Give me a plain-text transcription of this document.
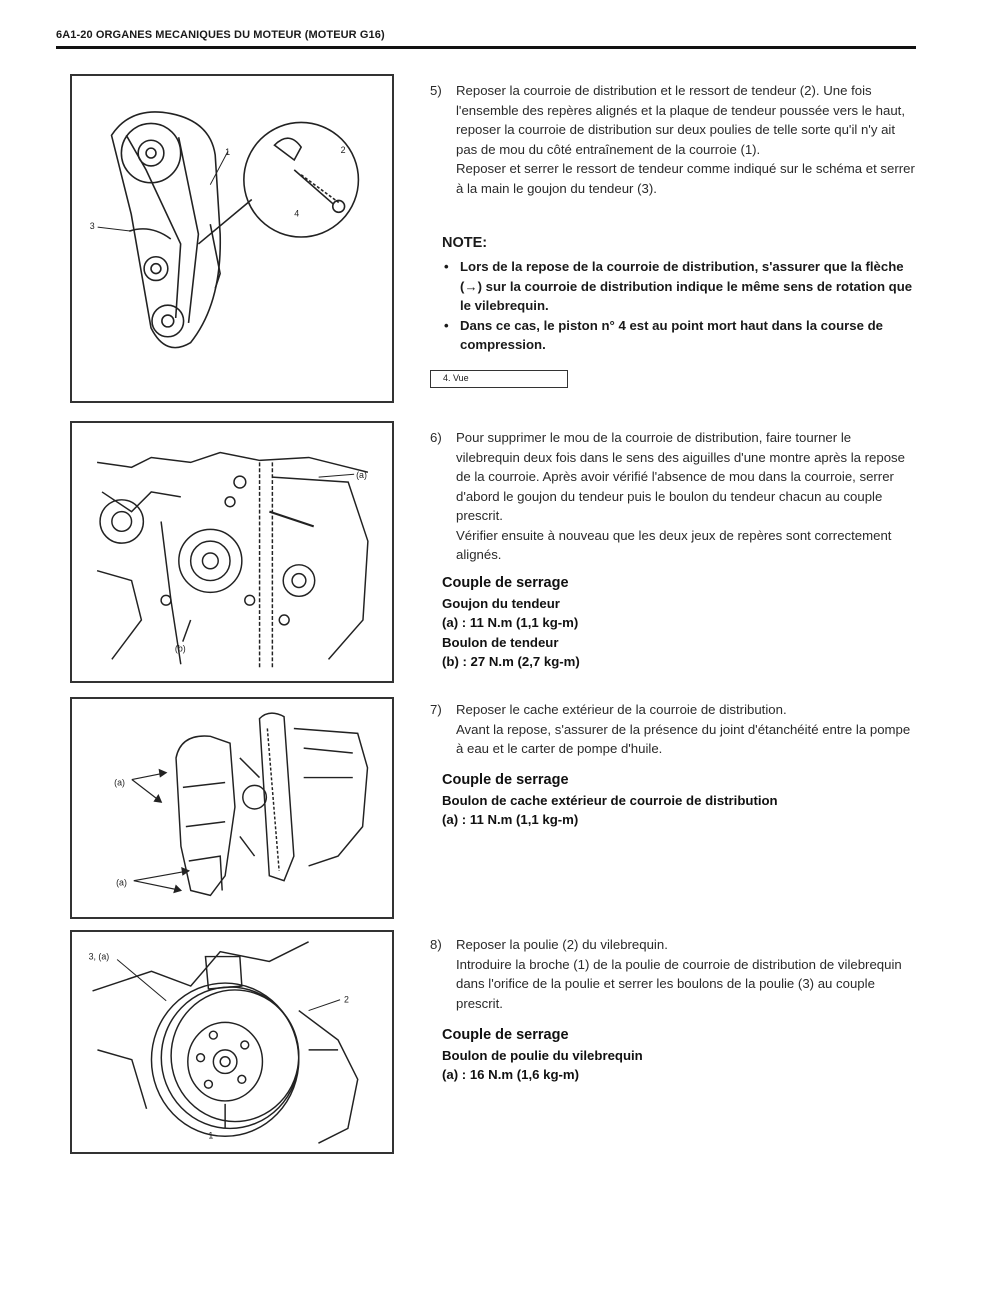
6A1-20 ORGANES MECANIQUES DU MOTEUR (MOTEUR G16)
1	2
3
4
(a)
(b)
(a)
(a)
3, (a)
2
1
5) Reposer la courroie de distribution et le ressort de tendeur (2). Une fois l'ensemble des repères alignés et la plaque de tendeur poussée vers le haut, reposer la courroie de distribution sur deux poulies de telle sorte qu'il n'y ait pas de mou du côté entraînement de la courroie (1).

Reposer et serrer le ressort de tendeur comme indiqué sur le schéma et serrer à la main le goujon du tendeur (3).

NOTE:
• Lors de la repose de la courroie de distribution, s'assurer que la flèche (→) sur la courroie de distribution indique le même sens de rotation que le vilebrequin.
• Dans ce cas, le piston n° 4 est au point mort haut dans la course de compression.
4. Vue
6) Pour supprimer le mou de la courroie de distribution, faire tourner le vilebrequin deux fois dans le sens des aiguilles d'une montre après la repose de la courroie. Après avoir vérifié l'absence de mou dans la courroie, serrer d'abord le goujon du tendeur puis le boulon du tendeur chacun au couple prescrit.

Vérifier ensuite à nouveau que les deux jeux de repères sont correctement alignés.

Couple de serrage
Goujon du tendeur
(a) : 11 N.m (1,1 kg-m)
Boulon de tendeur
(b) : 27 N.m (2,7 kg-m)
7) Reposer le cache extérieur de la courroie de distribution.

Avant la repose, s'assurer de la présence du joint d'étanchéité entre la pompe à eau et le carter de pompe d'huile.

Couple de serrage
Boulon de cache extérieur de courroie de distribution
(a) : 11 N.m (1,1 kg-m)
8) Reposer la poulie (2) du vilebrequin.

Introduire la broche (1) de la poulie de courroie de distribution de vilebrequin dans l'orifice de la poulie et serrer les boulons de la poulie (3) au couple prescrit.

Couple de serrage
Boulon de poulie du vilebrequin
(a) : 16 N.m (1,6 kg-m)
